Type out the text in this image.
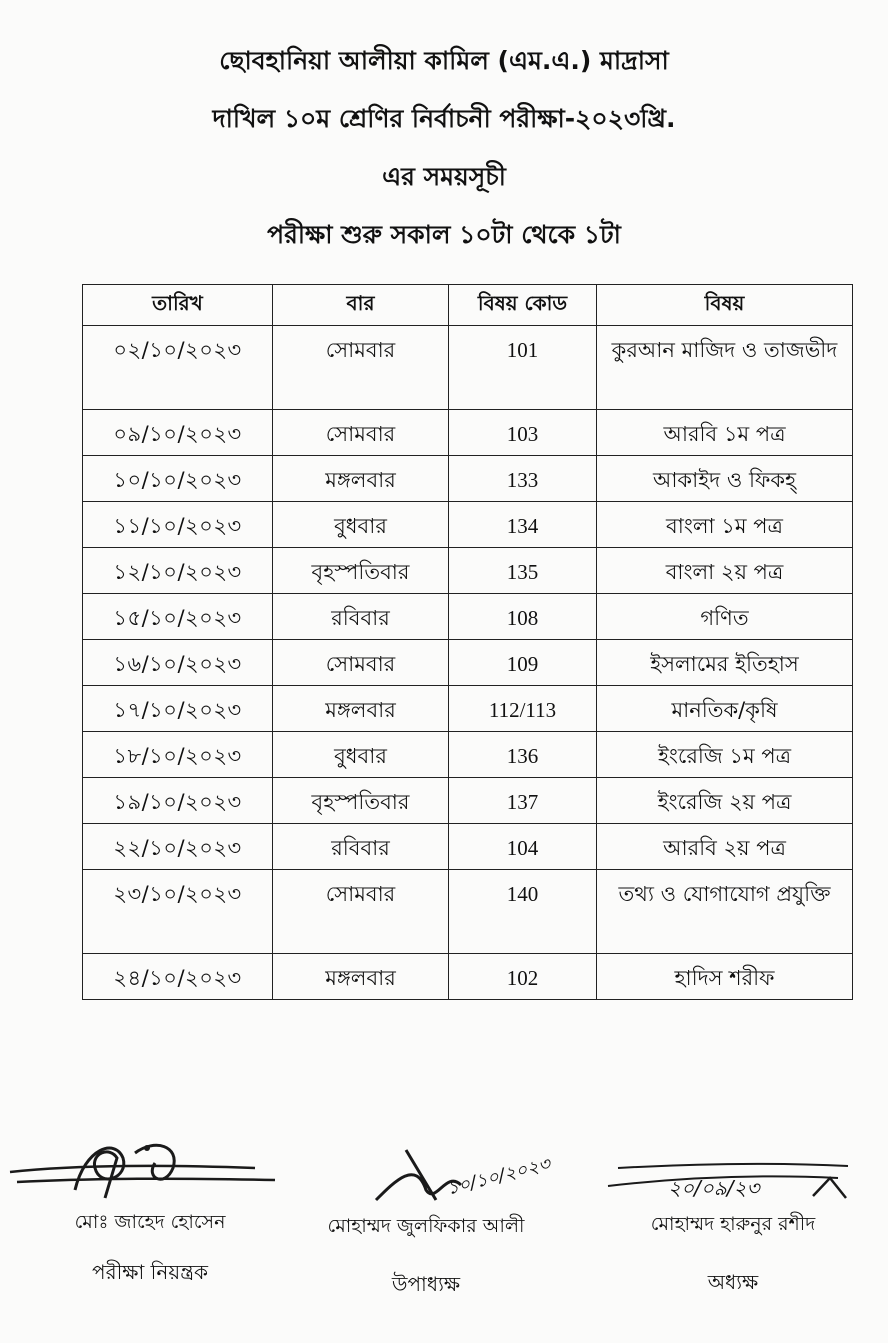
ছোবহানিয়া আলীয়া কামিল (এম.এ.) মাদ্রাসা
দাখিল ১০ম শ্রেণির নির্বাচনী পরীক্ষা-২০২৩খ্রি.
এর সময়সূচী
পরীক্ষা শুরু সকাল ১০টা থেকে ১টা
তারিখ	বার	বিষয় কোড	বিষয়
০২/১০/২০২৩	সোমবার	101	কুরআন মাজিদ ও তাজভীদ
০৯/১০/২০২৩	সোমবার	103	আরবি ১ম পত্র
১০/১০/২০২৩	মঙ্গলবার	133	আকাইদ ও ফিকহ্
১১/১০/২০২৩	বুধবার	134	বাংলা ১ম পত্র
১২/১০/২০২৩	বৃহস্পতিবার	135	বাংলা ২য় পত্র
১৫/১০/২০২৩	রবিবার	108	গণিত
১৬/১০/২০২৩	সোমবার	109	ইসলামের ইতিহাস
১৭/১০/২০২৩	মঙ্গলবার	112/113	মানতিক/কৃষি
১৮/১০/২০২৩	বুধবার	136	ইংরেজি ১ম পত্র
১৯/১০/২০২৩	বৃহস্পতিবার	137	ইংরেজি ২য় পত্র
২২/১০/২০২৩	রবিবার	104	আরবি ২য় পত্র
২৩/১০/২০২৩	সোমবার	140	তথ্য ও যোগাযোগ প্রযুক্তি
২৪/১০/২০২৩	মঙ্গলবার	102	হাদিস শরীফ
মোঃ জাহেদ হোসেন
পরীক্ষা নিয়ন্ত্রক
১০/১০/২০২৩
মোহাম্মদ জুলফিকার আলী
উপাধ্যক্ষ
২০/০৯/২৩
মোহাম্মদ হারুনুর রশীদ
অধ্যক্ষ
